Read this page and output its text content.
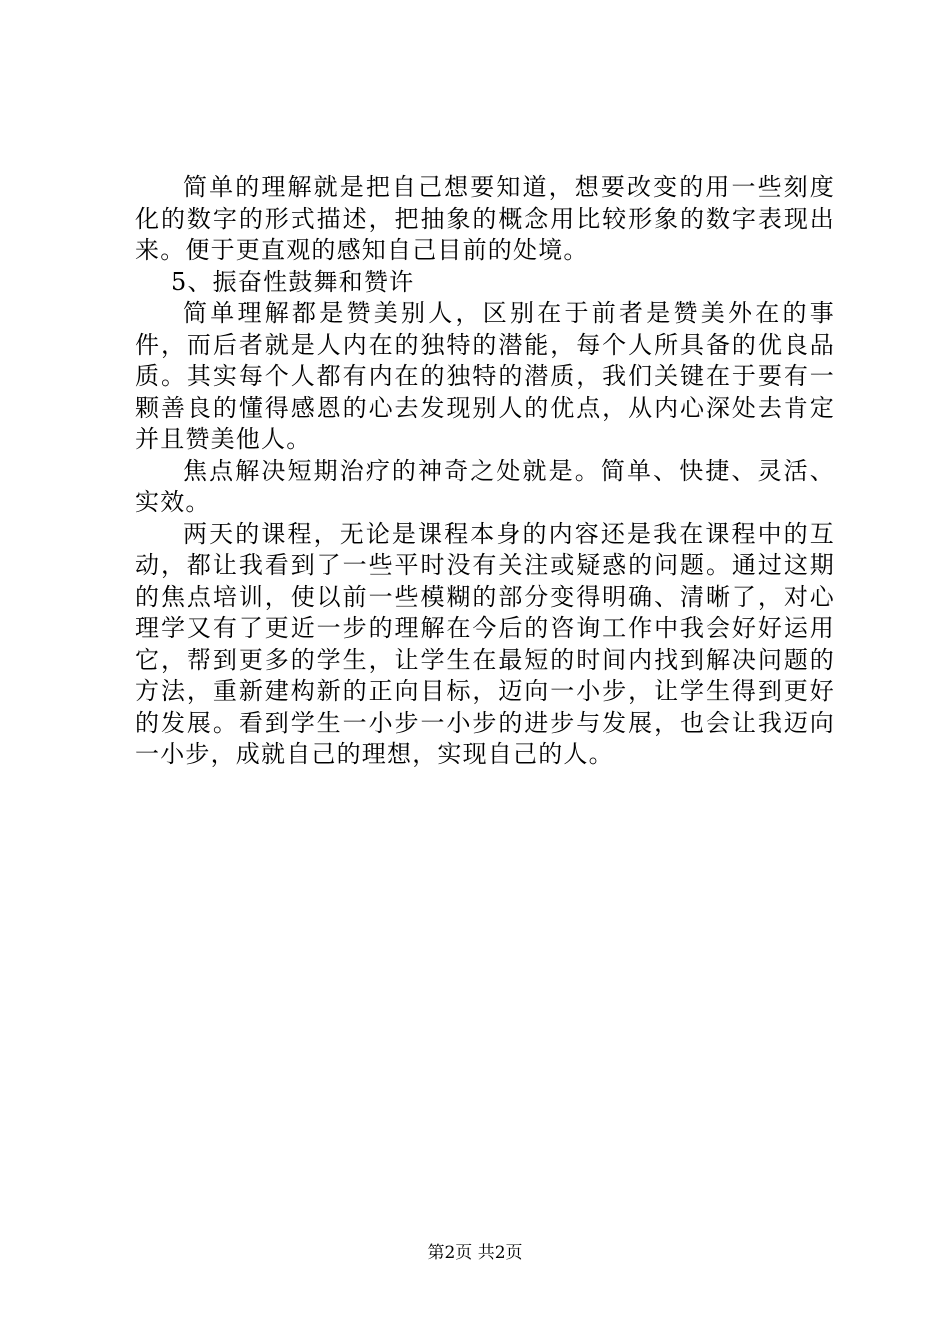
简单的理解就是把自己想要知道，想要改变的用一些刻度化的数字的形式描述，把抽象的概念用比较形象的数字表现出来。便于更直观的感知自己目前的处境。

5、振奋性鼓舞和赞许

简单理解都是赞美别人，区别在于前者是赞美外在的事件，而后者就是人内在的独特的潜能，每个人所具备的优良品质。其实每个人都有内在的独特的潜质，我们关键在于要有一颗善良的懂得感恩的心去发现别人的优点，从内心深处去肯定并且赞美他人。

焦点解决短期治疗的神奇之处就是。简单、快捷、灵活、实效。

两天的课程，无论是课程本身的内容还是我在课程中的互动，都让我看到了一些平时没有关注或疑惑的问题。通过这期的焦点培训，使以前一些模糊的部分变得明确、清晰了，对心理学又有了更近一步的理解在今后的咨询工作中我会好好运用它，帮到更多的学生，让学生在最短的时间内找到解决问题的方法，重新建构新的正向目标，迈向一小步，让学生得到更好的发展。看到学生一小步一小步的进步与发展，也会让我迈向一小步，成就自己的理想，实现自己的人。

第2页 共2页
